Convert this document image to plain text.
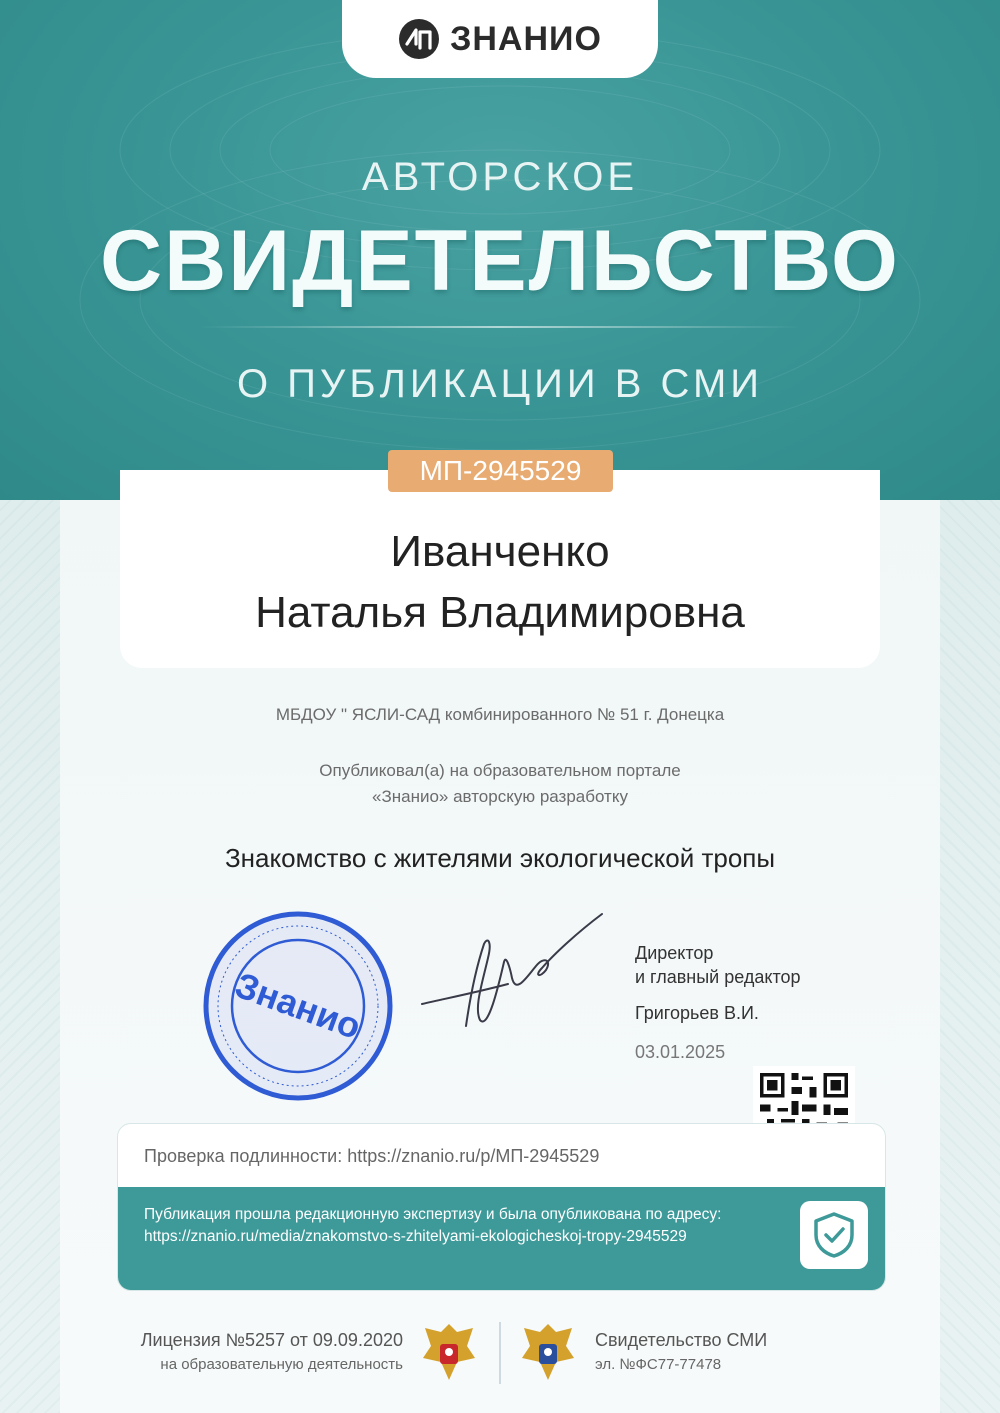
ЗНАНИО
АВТОРСКОЕ
СВИДЕТЕЛЬСТВО
О ПУБЛИКАЦИИ В СМИ
МП-2945529
Иванченко
Наталья Владимировна
МБДОУ " ЯСЛИ-САД комбинированного № 51 г. Донецка
Опубликовал(а) на образовательном портале
«Знанио» авторскую разработку
Знакомство с жителями экологической тропы
Знанио
Директор
и главный редактор
Григорьев В.И.
03.01.2025
Проверка подлинности: https://znanio.ru/p/МП-2945529
Публикация прошла редакционную экспертизу и была опубликована по адресу:
https://znanio.ru/media/znakomstvo-s-zhitelyami-ekologicheskoj-tropy-2945529
Лицензия №5257 от 09.09.2020
на образовательную деятельность
Свидетельство СМИ
эл. №ФС77-77478
